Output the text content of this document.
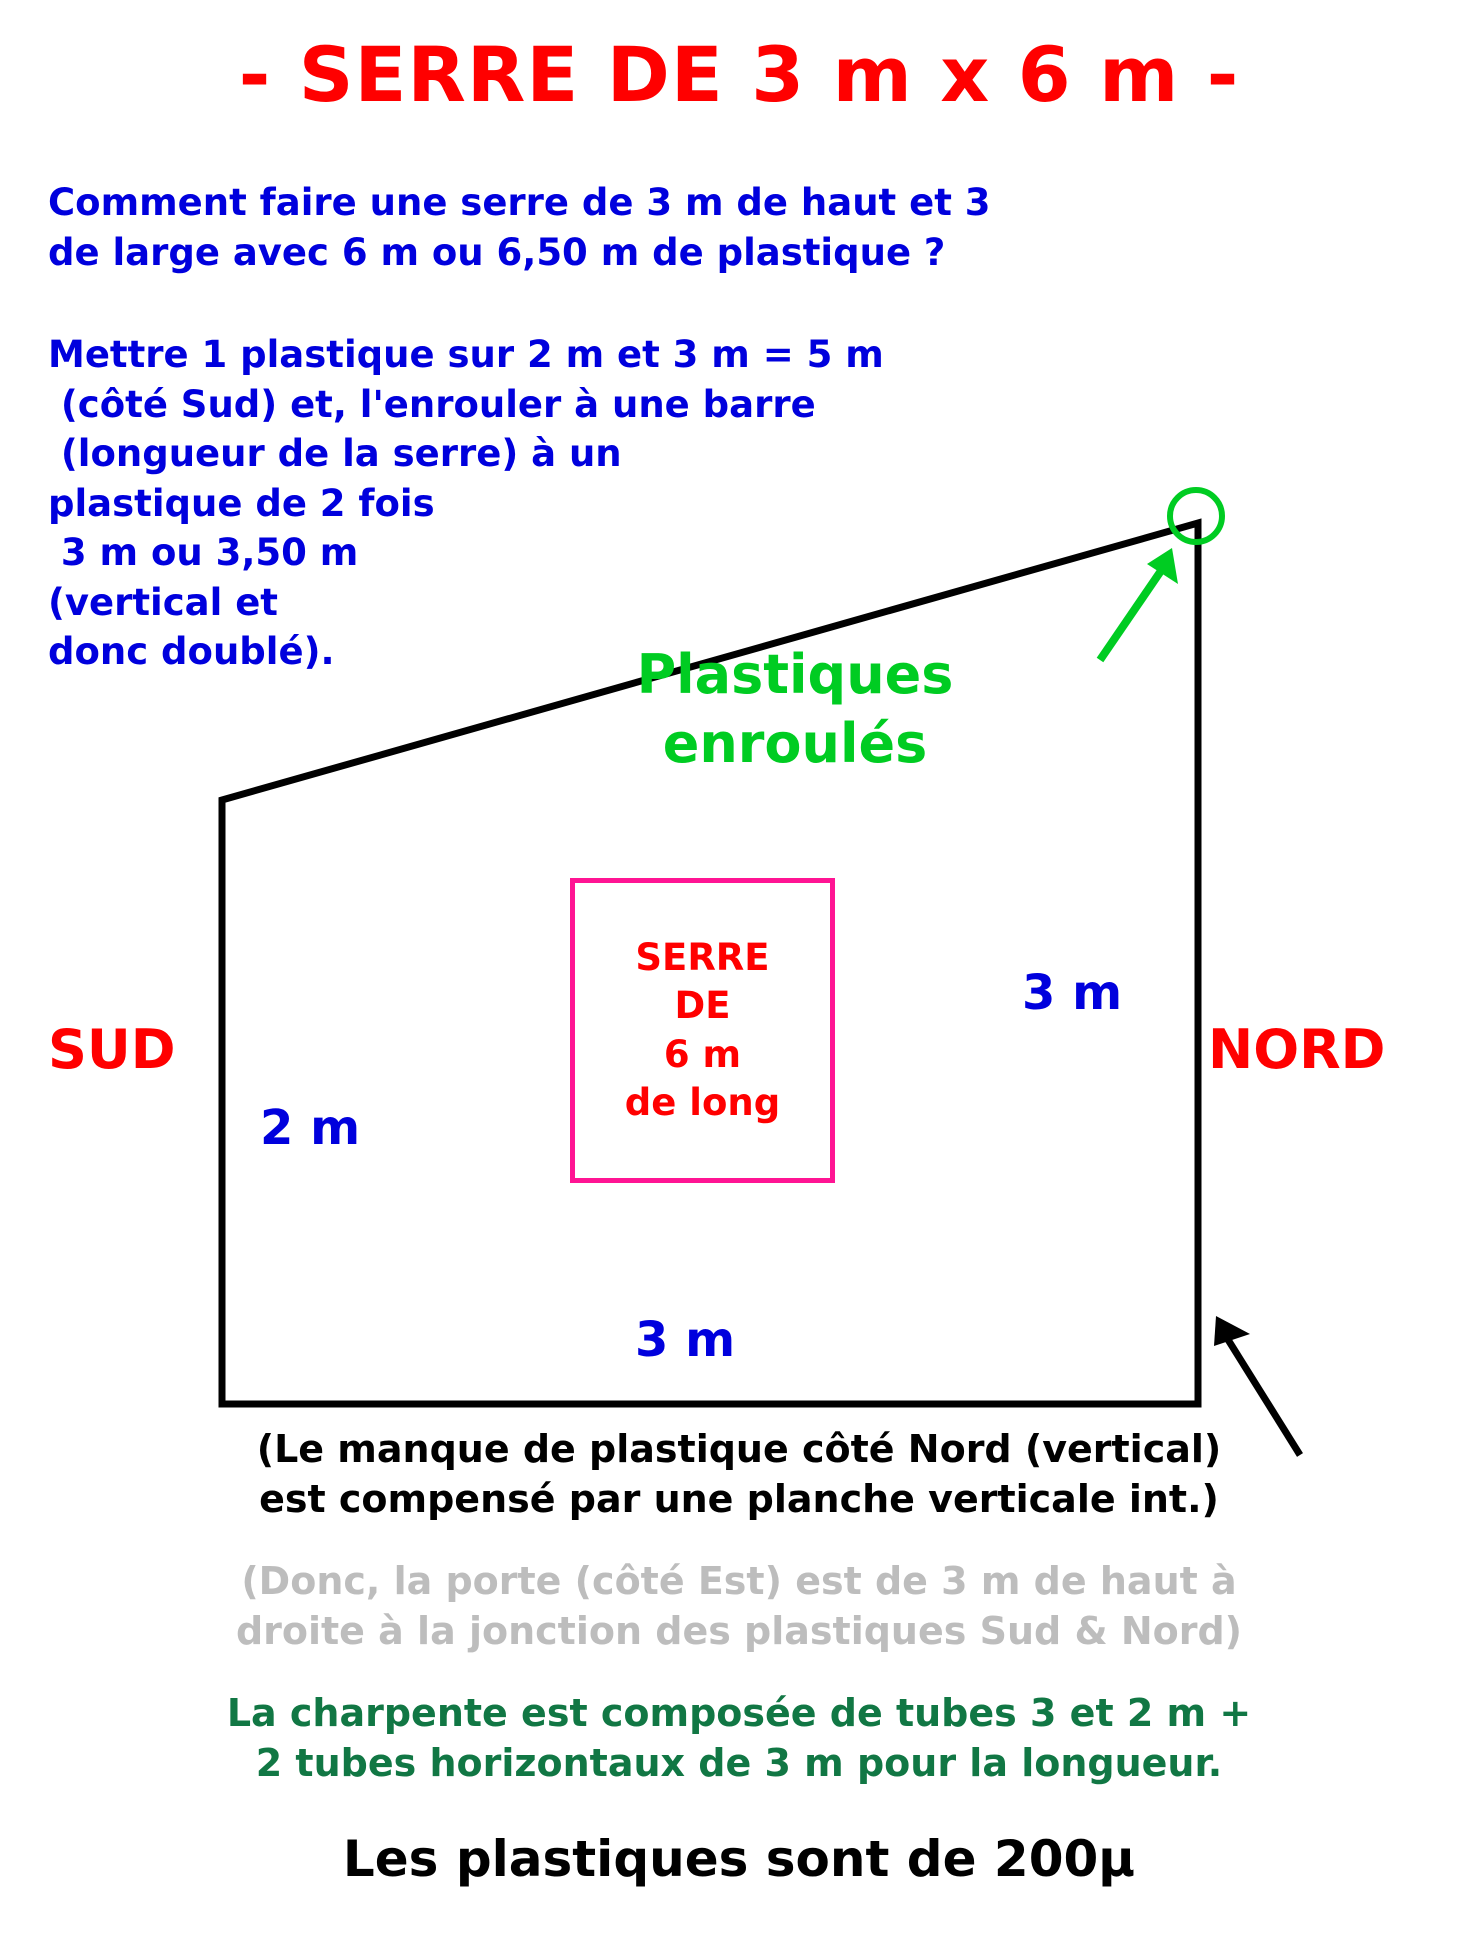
- SERRE DE 3 m x 6 m -
Comment faire une serre de 3 m de haut et 3
de large avec 6 m ou 6,50 m de plastique ?
Mettre 1 plastique sur 2 m et 3 m = 5 m
(côté Sud) et, l'enrouler à une barre
(longueur de la serre) à un
plastique de 2 fois
3 m ou 3,50 m
(vertical et
donc doublé).	Plastiques
enroulés
SUD	NORD
3 m
2 m
3 m
SERRE
DE
6 m
de long
(Le manque de plastique côté Nord (vertical)
est compensé par une planche verticale int.)
(Donc, la porte (côté Est) est de 3 m de haut à
droite à la jonction des plastiques Sud & Nord)
La charpente est composée de tubes 3 et 2 m +
2 tubes horizontaux de 3 m pour la longueur.
Les plastiques sont de 200µ
